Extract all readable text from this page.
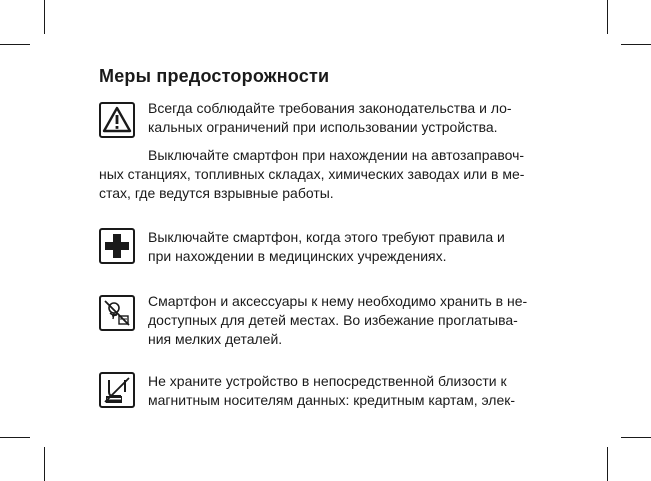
Меры предосторожности
Всегда соблюдайте требования законодательства и ло-
кальных ограничений при использовании устройства.
Выключайте смартфон при нахождении на автозаправоч-
ных станциях, топливных складах, химических заводах или в ме-
стах, где ведутся взрывные работы.
Выключайте смартфон, когда этого требуют правила и
при нахождении в медицинских учреждениях.
Смартфон и аксессуары к нему необходимо хранить в не-
доступных для детей местах. Во избежание проглатыва-
ния мелких деталей.
Не храните устройство в непосредственной близости к
магнитным носителям данных: кредитным картам, элек-
